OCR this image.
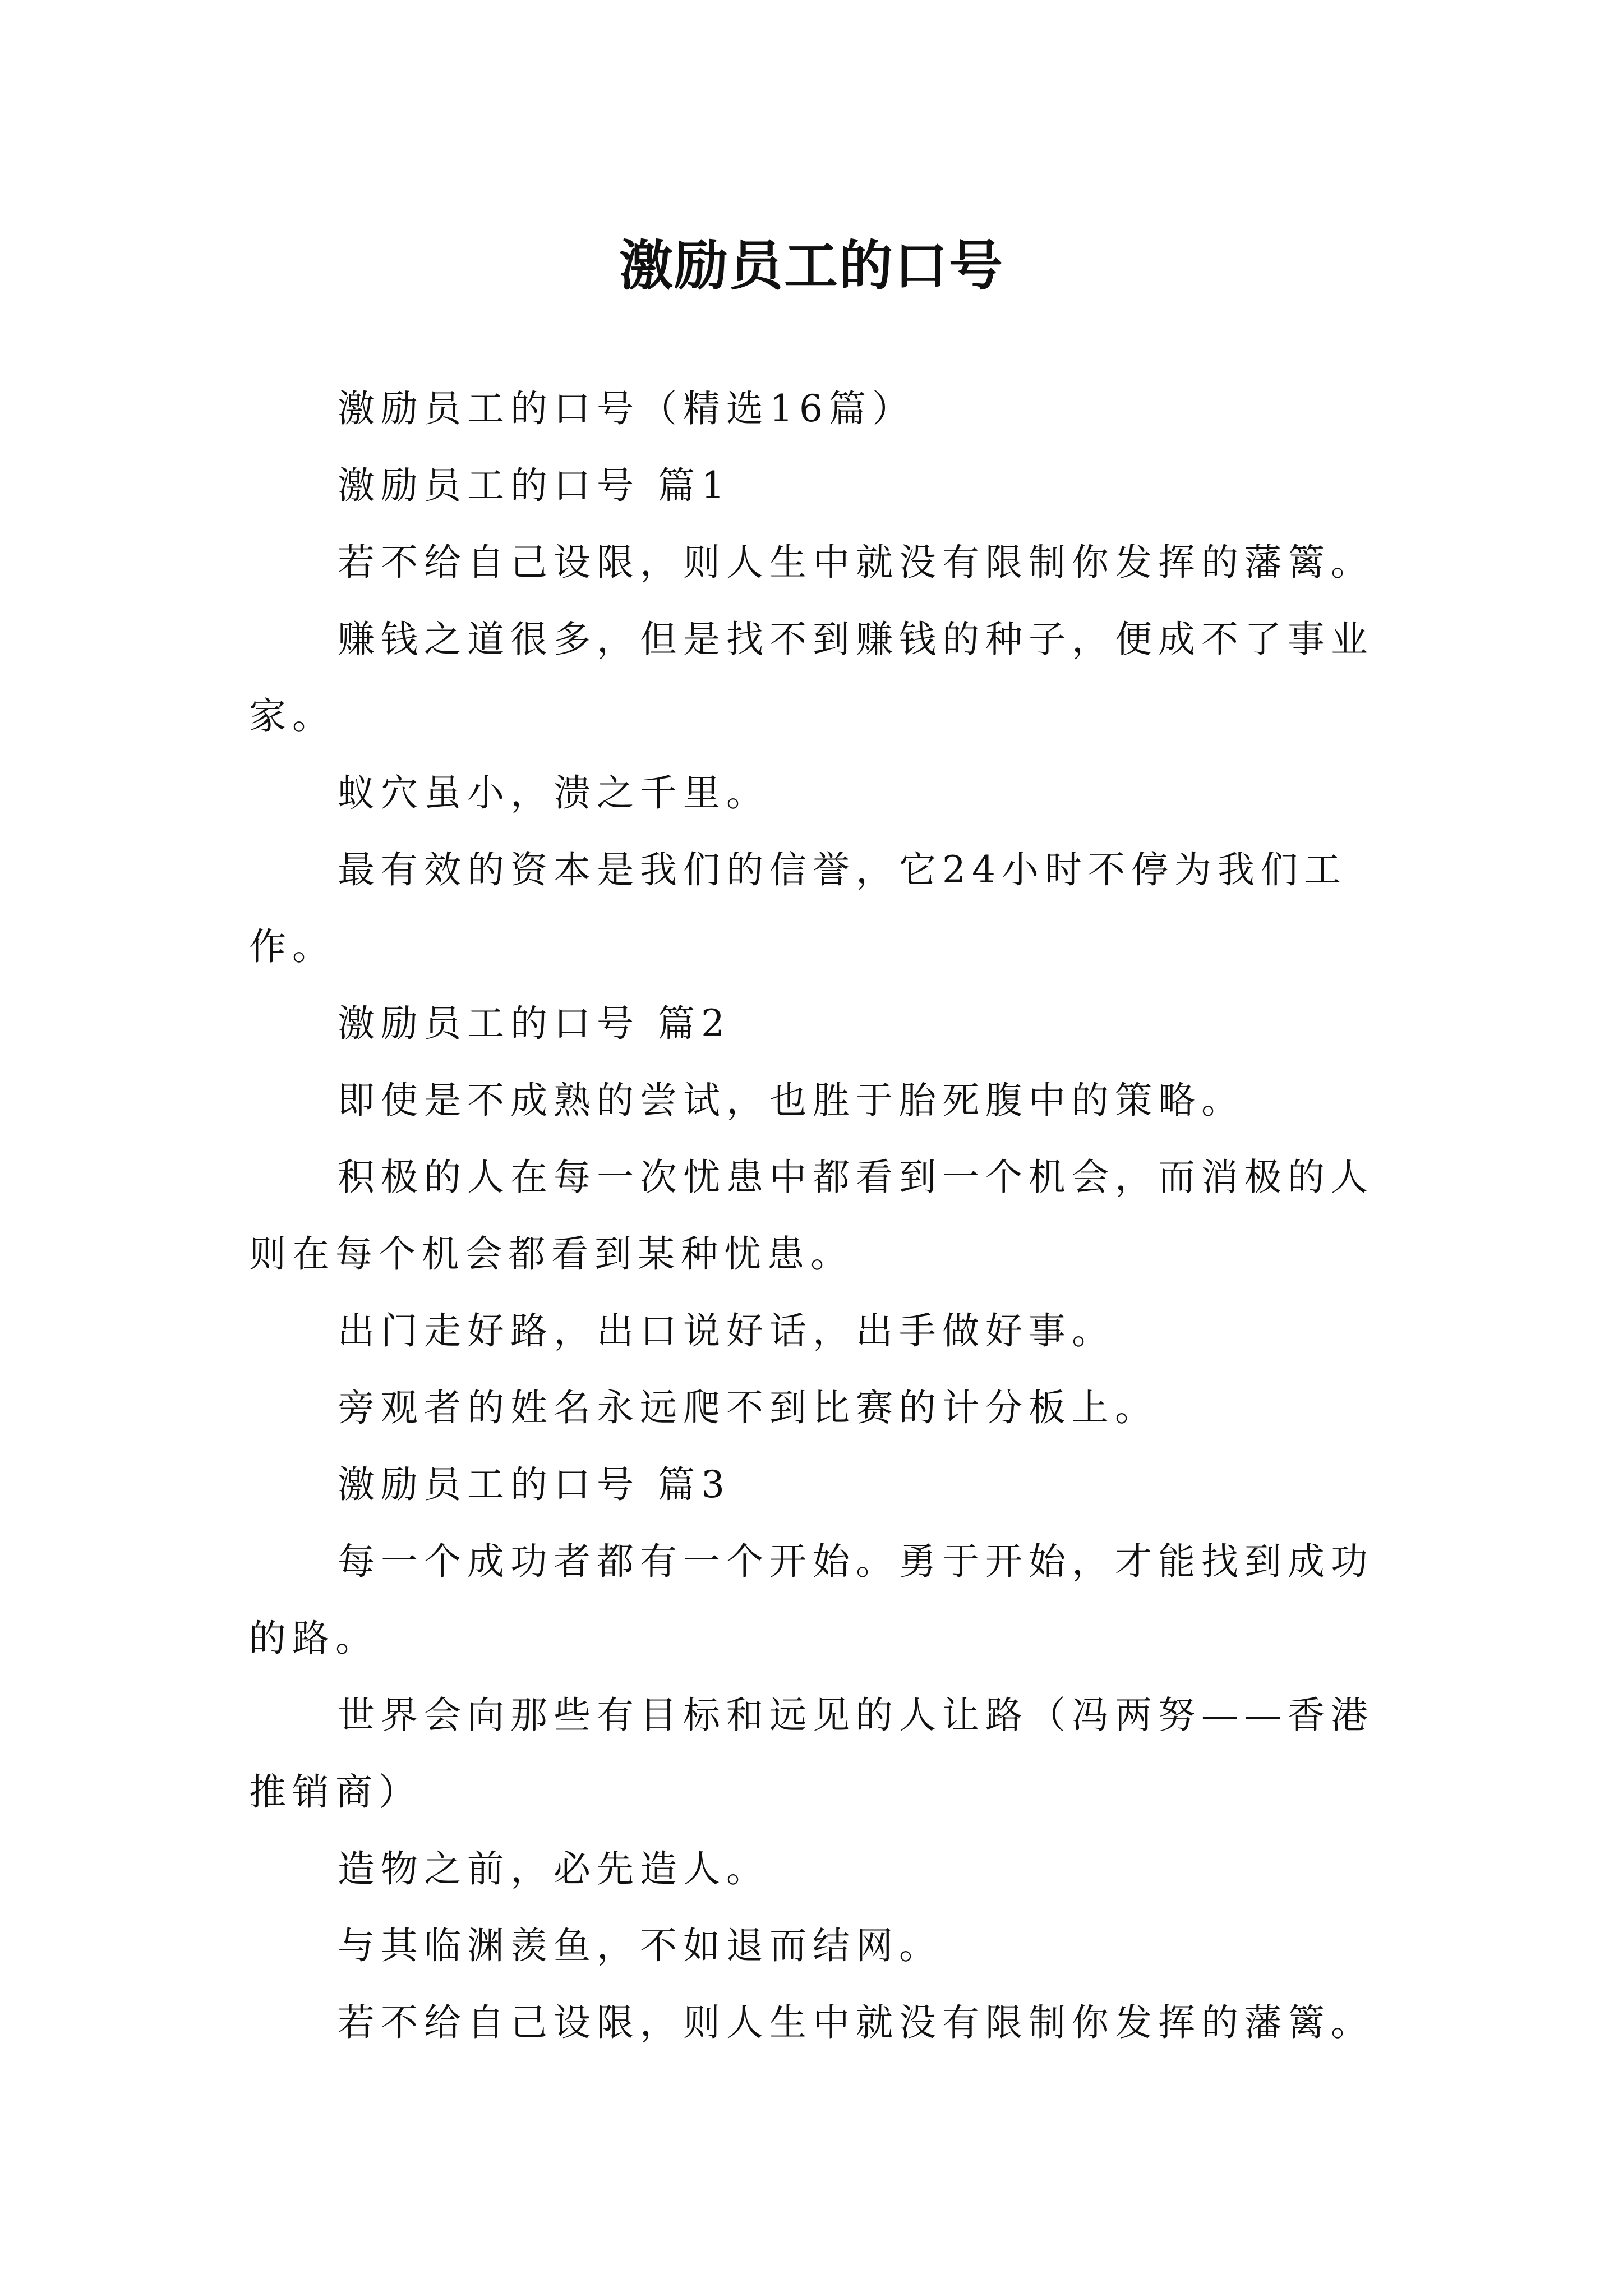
激励员工的口号

激励员工的口号（精选16篇）

激励员工的口号 篇1

若不给自己设限，则人生中就没有限制你发挥的藩篱。

赚钱之道很多，但是找不到赚钱的种子，便成不了事业家。

蚁穴虽小，溃之千里。

最有效的资本是我们的信誉，它24小时不停为我们工作。

激励员工的口号 篇2

即使是不成熟的尝试，也胜于胎死腹中的策略。

积极的人在每一次忧患中都看到一个机会，而消极的人则在每个机会都看到某种忧患。

出门走好路，出口说好话，出手做好事。

旁观者的姓名永远爬不到比赛的计分板上。

激励员工的口号 篇3

每一个成功者都有一个开始。勇于开始，才能找到成功的路。

世界会向那些有目标和远见的人让路（冯两努——香港推销商）

造物之前，必先造人。

与其临渊羡鱼，不如退而结网。

若不给自己设限，则人生中就没有限制你发挥的藩篱。
